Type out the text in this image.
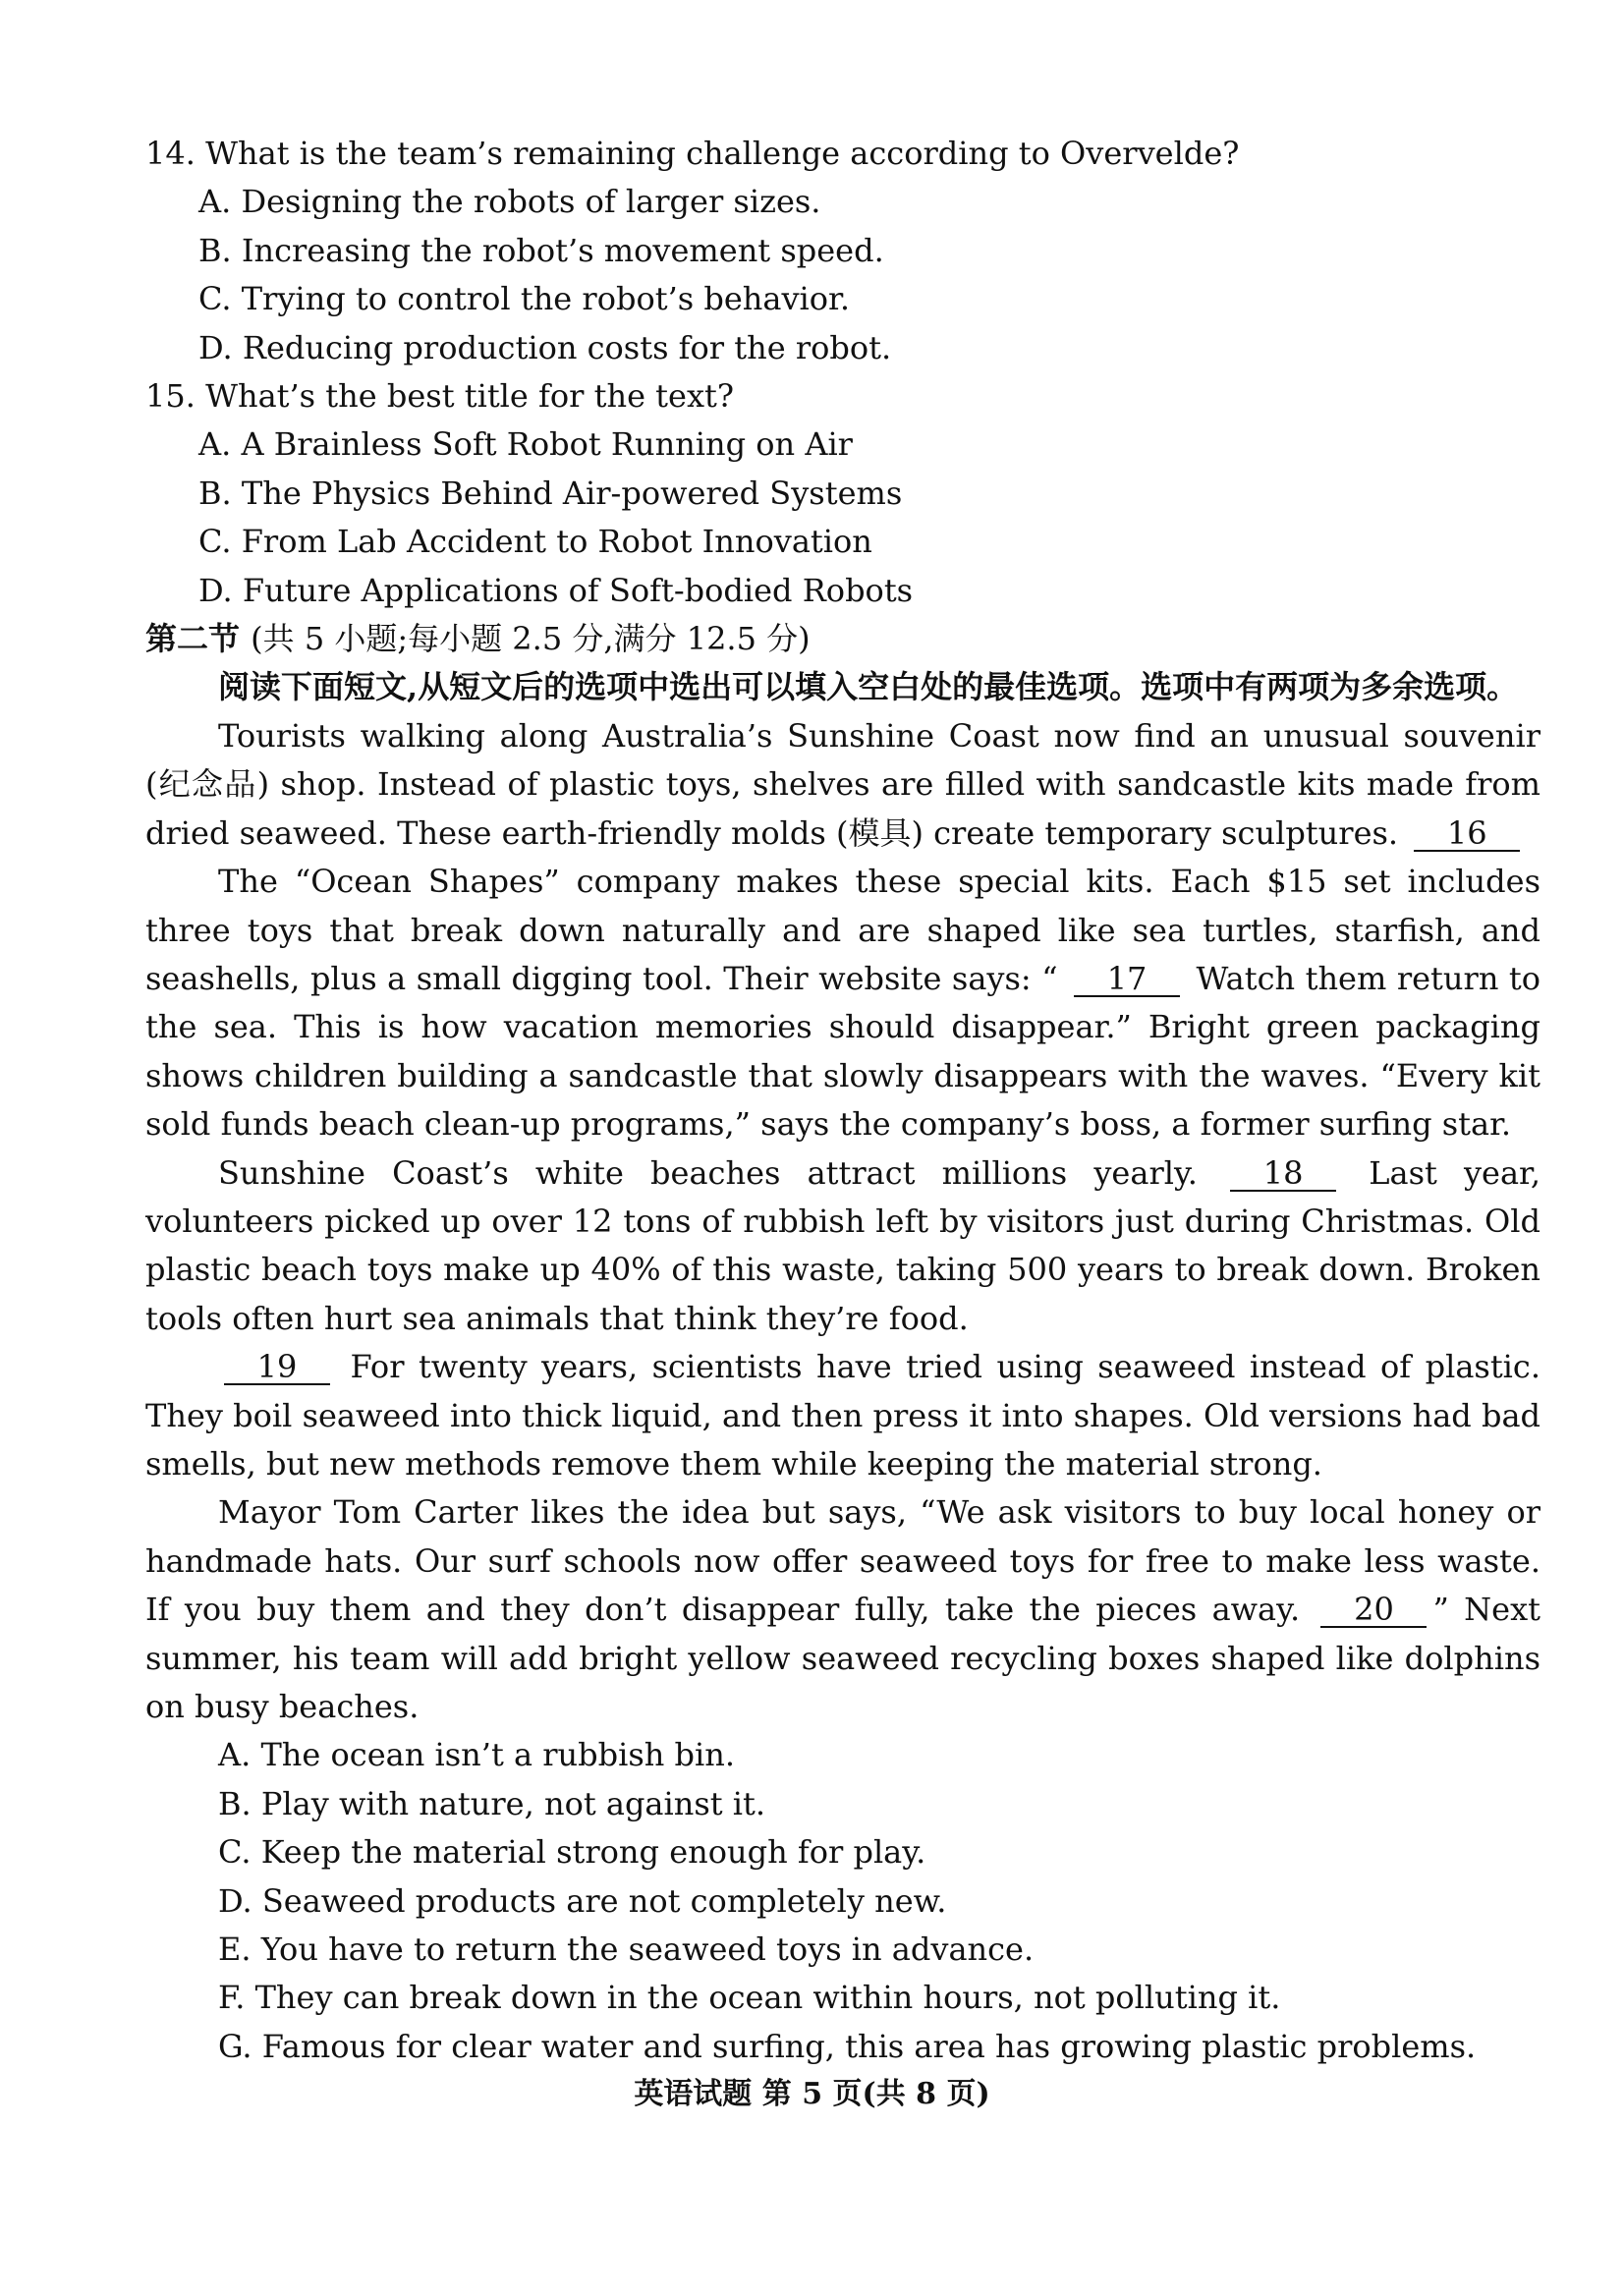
14. What is the team’s remaining challenge according to Overvelde?

A. Designing the robots of larger sizes.

B. Increasing the robot’s movement speed.

C. Trying to control the robot’s behavior.

D. Reducing production costs for the robot.

15. What’s the best title for the text?

A. A Brainless Soft Robot Running on Air

B. The Physics Behind Air-powered Systems

C. From Lab Accident to Robot Innovation

D. Future Applications of Soft-bodied Robots

第二节 (共 5 小题;每小题 2.5 分,满分 12.5 分)

阅读下面短文,从短文后的选项中选出可以填入空白处的最佳选项。选项中有两项为多余选项。

Tourists walking along Australia’s Sunshine Coast now find an unusual souvenir (纪念品) shop. Instead of plastic toys, shelves are filled with sandcastle kits made from dried seaweed. These earth-friendly molds (模具) create temporary sculptures. 16

The “Ocean Shapes” company makes these special kits. Each $15 set includes three toys that break down naturally and are shaped like sea turtles, starfish, and seashells, plus a small digging tool. Their website says: “ 17 Watch them return to the sea. This is how vacation memories should disappear.” Bright green packaging shows children building a sandcastle that slowly disappears with the waves. “Every kit sold funds beach clean-up programs,” says the company’s boss, a former surfing star.

Sunshine Coast’s white beaches attract millions yearly. 18 Last year, volunteers picked up over 12 tons of rubbish left by visitors just during Christmas. Old plastic beach toys make up 40% of this waste, taking 500 years to break down. Broken tools often hurt sea animals that think they’re food.

19 For twenty years, scientists have tried using seaweed instead of plastic. They boil seaweed into thick liquid, and then press it into shapes. Old versions had bad smells, but new methods remove them while keeping the material strong.

Mayor Tom Carter likes the idea but says, “We ask visitors to buy local honey or handmade hats. Our surf schools now offer seaweed toys for free to make less waste. If you buy them and they don’t disappear fully, take the pieces away. 20 ” Next summer, his team will add bright yellow seaweed recycling boxes shaped like dolphins on busy beaches.

A. The ocean isn’t a rubbish bin.

B. Play with nature, not against it.

C. Keep the material strong enough for play.

D. Seaweed products are not completely new.

E. You have to return the seaweed toys in advance.

F. They can break down in the ocean within hours, not polluting it.

G. Famous for clear water and surfing, this area has growing plastic problems.

英语试题 第 5 页(共 8 页)
